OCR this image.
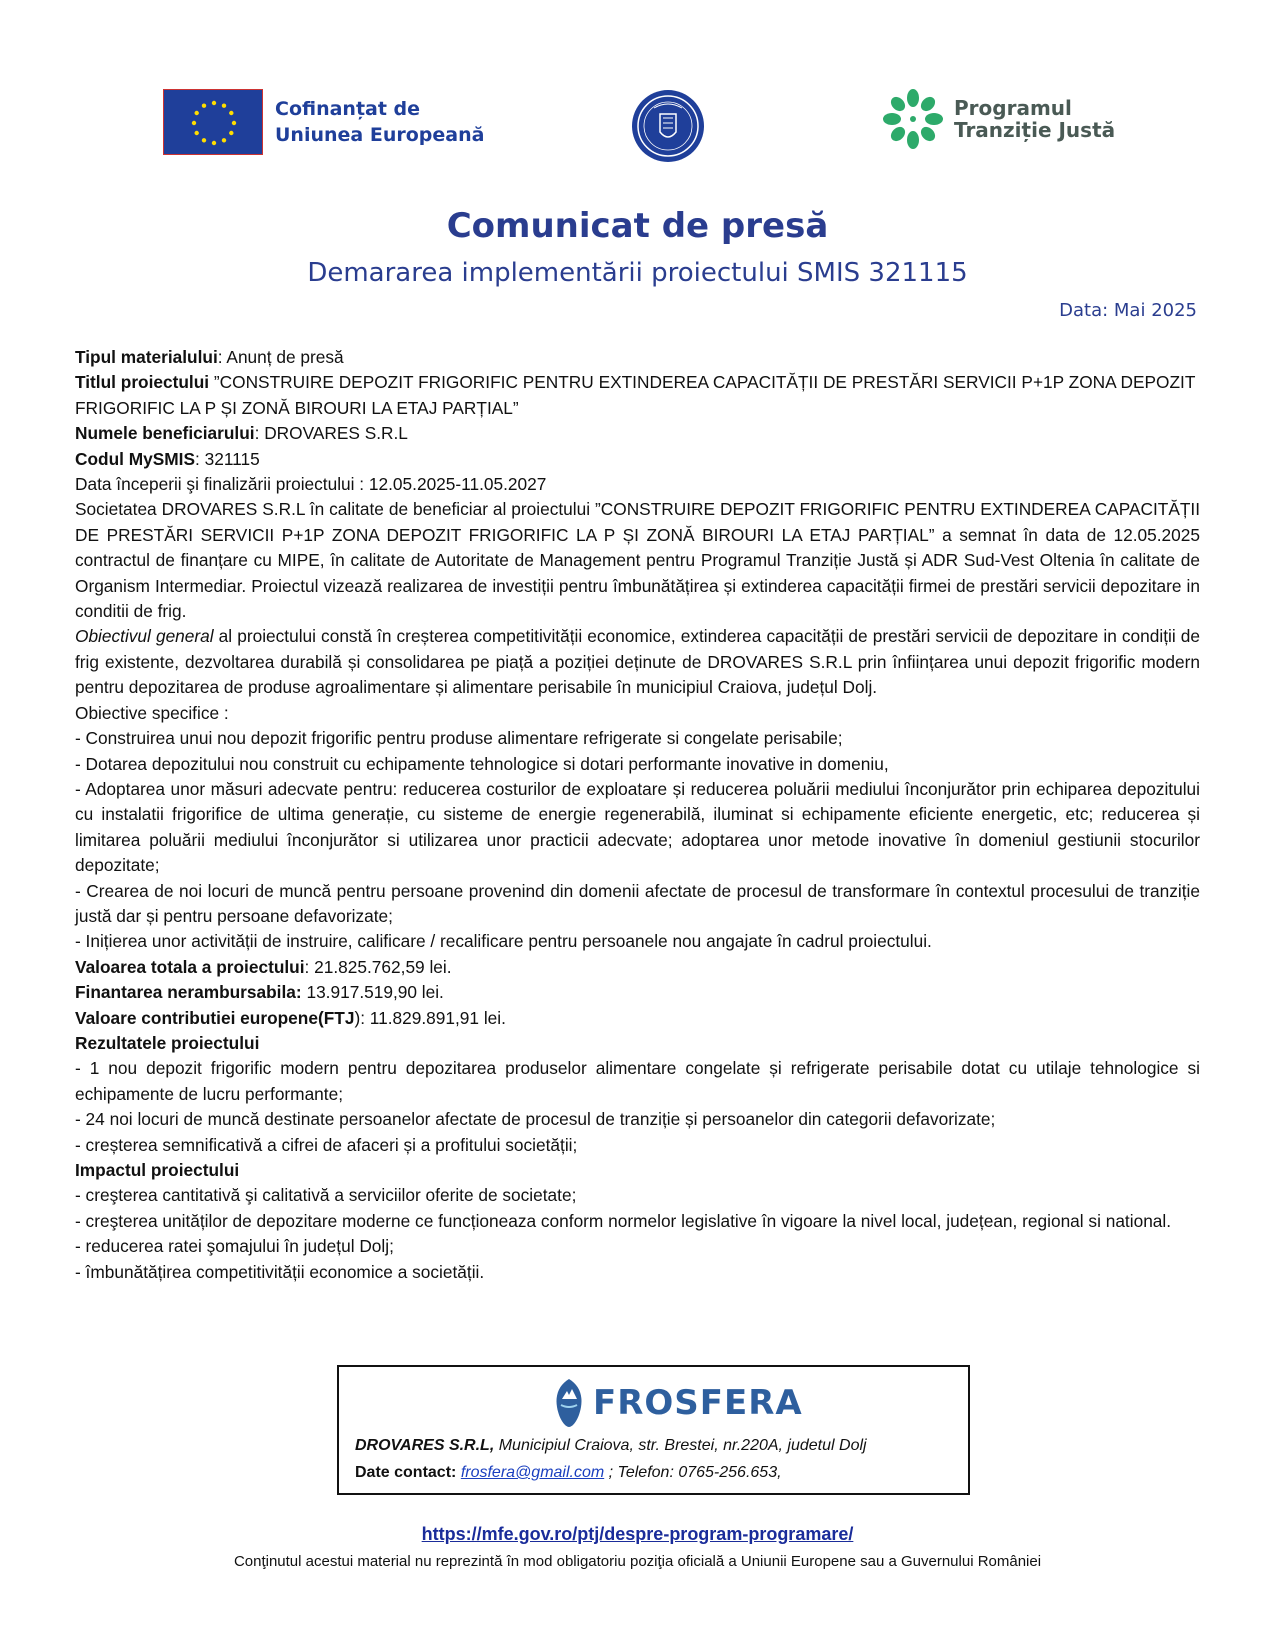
Cofinanțat de
Uniunea Europeană
Programul
Tranziție Justă
Comunicat de presă
Demararea implementării proiectului SMIS 321115
Data: Mai 2025

Tipul materialului: Anunț de presă

Titlul proiectului ”CONSTRUIRE DEPOZIT FRIGORIFIC PENTRU EXTINDEREA CAPACITĂȚII DE PRESTĂRI SERVICII P+1P ZONA DEPOZIT FRIGORIFIC LA P ȘI ZONĂ BIROURI LA ETAJ PARȚIAL”

Numele beneficiarului: DROVARES S.R.L

Codul MySMIS: 321115

Data începerii şi finalizării proiectului : 12.05.2025-11.05.2027

Societatea DROVARES S.R.L în calitate de beneficiar al proiectului ”CONSTRUIRE DEPOZIT FRIGORIFIC PENTRU EXTINDEREA CAPACITĂȚII DE PRESTĂRI SERVICII P+1P ZONA DEPOZIT FRIGORIFIC LA P ȘI ZONĂ BIROURI LA ETAJ PARȚIAL” a semnat în data de 12.05.2025 contractul de finanțare cu MIPE, în calitate de Autoritate de Management pentru Programul Tranziție Justă și ADR Sud-Vest Oltenia în calitate de Organism Intermediar. Proiectul vizează realizarea de investiții pentru îmbunătățirea și extinderea capacității firmei de prestări servicii depozitare in conditii de frig.

Obiectivul general al proiectului constă în creșterea competitivității economice, extinderea capacității de prestări servicii de depozitare in condiții de frig existente, dezvoltarea durabilă și consolidarea pe piață a poziției deținute de DROVARES S.R.L prin înființarea unui depozit frigorific modern pentru depozitarea de produse agroalimentare și alimentare perisabile în municipiul Craiova, județul Dolj.

Obiective specifice :

- Construirea unui nou depozit frigorific pentru produse alimentare refrigerate si congelate perisabile;

- Dotarea depozitului nou construit cu echipamente tehnologice si dotari performante inovative in domeniu,

- Adoptarea unor măsuri adecvate pentru: reducerea costurilor de exploatare și reducerea poluării mediului înconjurător prin echiparea depozitului cu instalatii frigorifice de ultima generație, cu sisteme de energie regenerabilă, iluminat si echipamente eficiente energetic, etc; reducerea și limitarea poluării mediului înconjurător si utilizarea unor practicii adecvate; adoptarea unor metode inovative în domeniul gestiunii stocurilor depozitate;

- Crearea de noi locuri de muncă pentru persoane provenind din domenii afectate de procesul de transformare în contextul procesului de tranziție justă dar și pentru persoane defavorizate;

- Inițierea unor activității de instruire, calificare / recalificare pentru persoanele nou angajate în cadrul proiectului.

Valoarea totala a proiectului: 21.825.762,59 lei.

Finantarea nerambursabila: 13.917.519,90 lei.

Valoare contributiei europene(FTJ): 11.829.891,91 lei.

Rezultatele proiectului

- 1 nou depozit frigorific modern pentru depozitarea produselor alimentare congelate și refrigerate perisabile dotat cu utilaje tehnologice si echipamente de lucru performante;

- 24 noi locuri de muncă destinate persoanelor afectate de procesul de tranziție și persoanelor din categorii defavorizate;

- creșterea semnificativă a cifrei de afaceri și a profitului societății;

Impactul proiectului

- creşterea cantitativă şi calitativă a serviciilor oferite de societate;

- creşterea unităților de depozitare moderne ce funcționeaza conform normelor legislative în vigoare la nivel local, județean, regional si national.

- reducerea ratei şomajului în județul Dolj;

- îmbunătățirea competitivității economice a societății.

FROSFERA
DROVARES S.R.L, Municipiul Craiova, str. Brestei, nr.220A, judetul Dolj
Date contact: frosfera@gmail.com ; Telefon: 0765-256.653,
https://mfe.gov.ro/ptj/despre-program-programare/
Conţinutul acestui material nu reprezintă în mod obligatoriu poziţia oficială a Uniunii Europene sau a Guvernului României
